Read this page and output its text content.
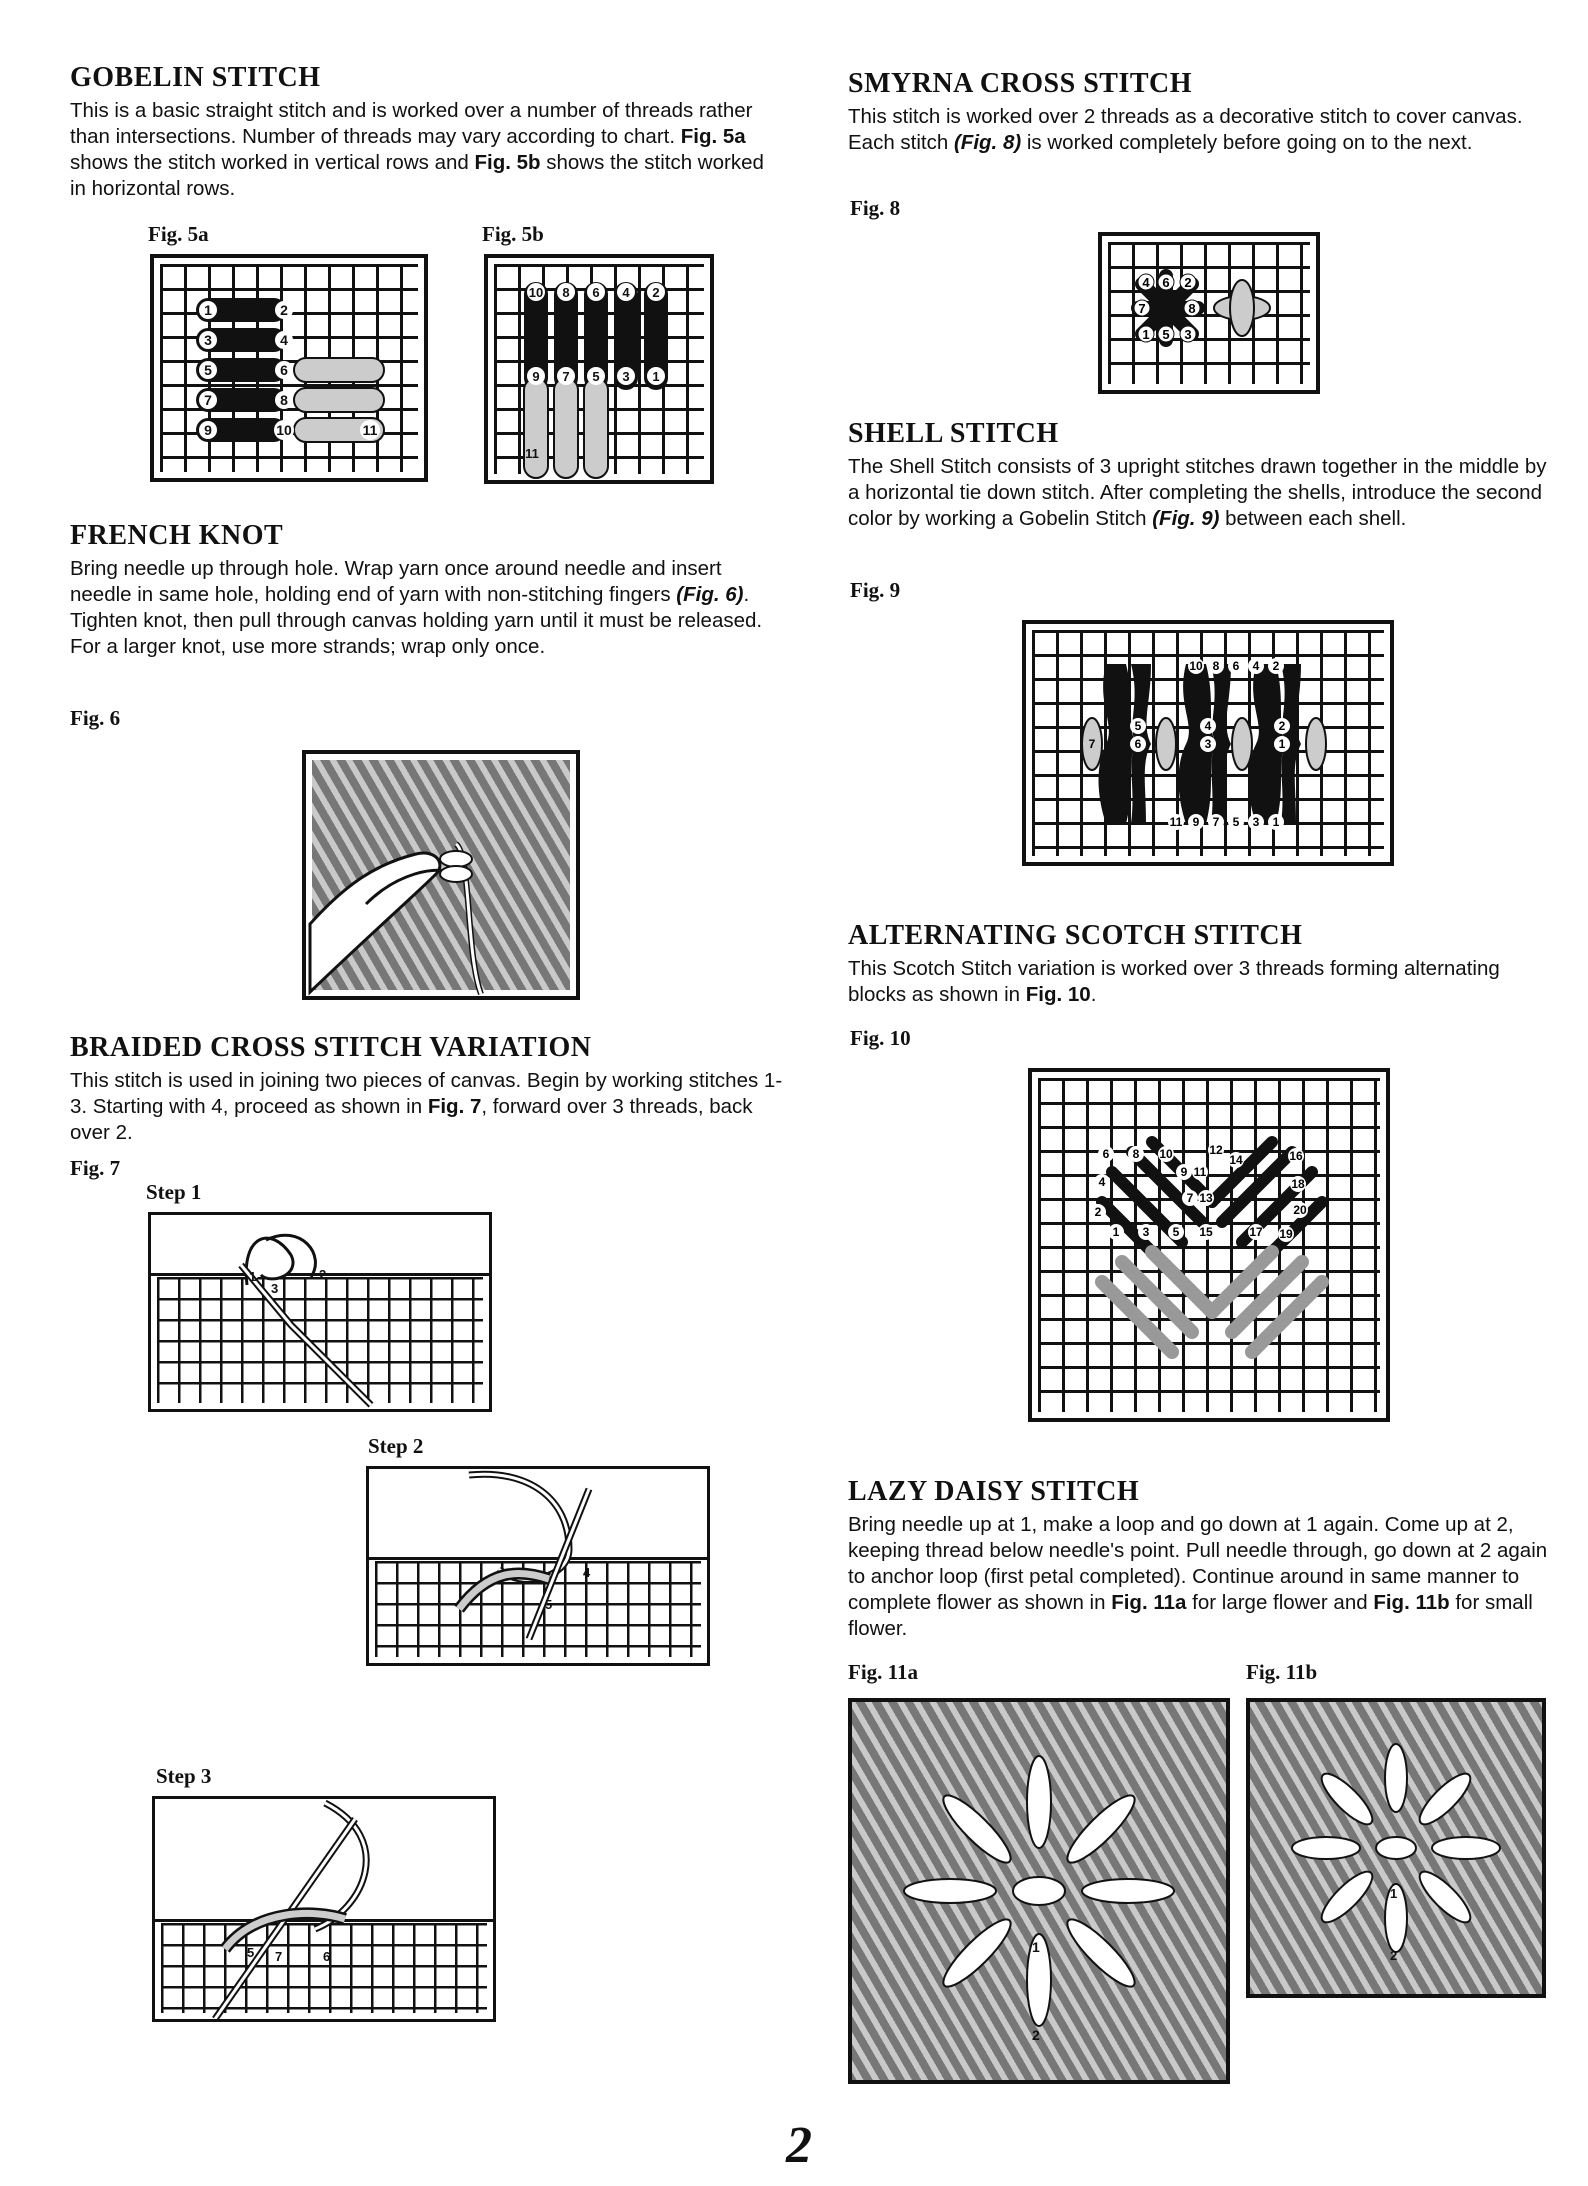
GOBELIN STITCH

This is a basic straight stitch and is worked over a number of threads rather than intersections. Number of threads may vary according to chart. Fig. 5a shows the stitch worked in vertical rows and Fig. 5b shows the stitch worked in horizontal rows.

Fig. 5a	Fig. 5b
1	2
3	4
5	6
7	8
9	10	11
10 8 6 4 2
9 7 5 3 1
11
FRENCH KNOT

Bring needle up through hole. Wrap yarn once around needle and insert needle in same hole, holding end of yarn with non-stitching fingers (Fig. 6). Tighten knot, then pull through canvas holding yarn until it must be released. For a larger knot, use more strands; wrap only once.

Fig. 6
BRAIDED CROSS STITCH VARIATION

This stitch is used in joining two pieces of canvas. Begin by working stitches 1-3. Starting with 4, proceed as shown in Fig. 7, forward over 3 threads, back over 2.

Fig. 7
Step 1
Step 2
Step 3
1	2
3
4
5
5 7	6
SMYRNA CROSS STITCH

This stitch is worked over 2 threads as a decorative stitch to cover canvas. Each stitch (Fig. 8) is worked completely before going on to the next.

Fig. 8
4 6 2
7	8
1 5 3
SHELL STITCH

The Shell Stitch consists of 3 upright stitches drawn together in the middle by a horizontal tie down stitch. After completing the shells, introduce the second color by working a Gobelin Stitch (Fig. 9) between each shell.

Fig. 9
10 8 6 4 2
7
5
6
4
3
2
1
11 9 7 5 3 1
ALTERNATING SCOTCH STITCH

This Scotch Stitch variation is worked over 3 threads forming alternating blocks as shown in Fig. 10.

Fig. 10
6 8 10	12
14	16
4
9 11
18
2
7 13
20
1 3 5 15	17 19
LAZY DAISY STITCH

Bring needle up at 1, make a loop and go down at 1 again. Come up at 2, keeping thread below needle's point. Pull needle through, go down at 2 again to anchor loop (first petal completed). Continue around in same manner to complete flower as shown in Fig. 11a for large flower and Fig. 11b for small flower.

Fig. 11a	Fig. 11b
1
2
1
2
2
